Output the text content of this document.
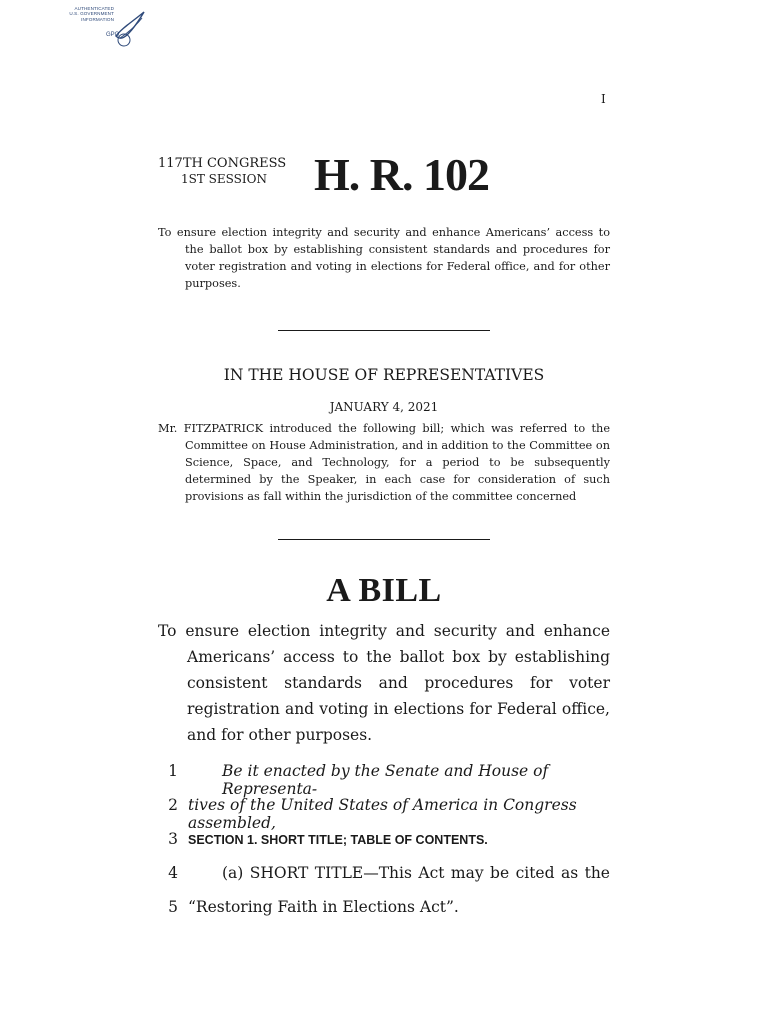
AUTHENTICATED
U.S. GOVERNMENT
INFORMATION
GPO
I
117TH CONGRESS
1ST SESSION H. R. 102
To ensure election integrity and security and enhance Americans’ access to the ballot box by establishing consistent standards and procedures for voter registration and voting in elections for Federal office, and for other purposes.
IN THE HOUSE OF REPRESENTATIVES
JANUARY 4, 2021
Mr. FITZPATRICK introduced the following bill; which was referred to the Committee on House Administration, and in addition to the Committee on Science, Space, and Technology, for a period to be subsequently determined by the Speaker, in each case for consideration of such provisions as fall within the jurisdiction of the committee concerned
A BILL
To ensure election integrity and security and enhance Americans’ access to the ballot box by establishing consistent standards and procedures for voter registration and voting in elections for Federal office, and for other purposes.
1	Be it enacted by the Senate and House of Representa-
2 tives of the United States of America in Congress assembled,
3 SECTION 1. SHORT TITLE; TABLE OF CONTENTS.
4	(a) SHORT TITLE—This Act may be cited as the
5 “Restoring Faith in Elections Act”.
